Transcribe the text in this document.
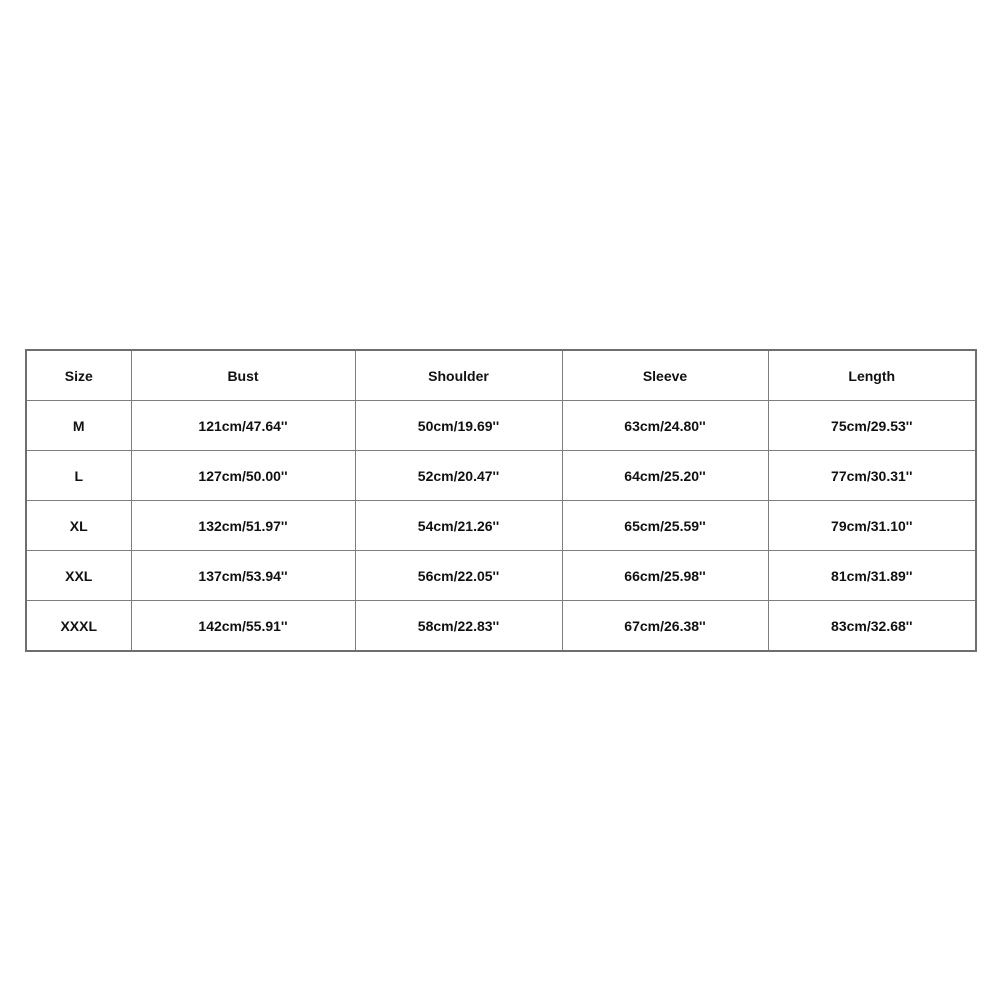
Size	Bust	Shoulder	Sleeve	Length
M	121cm/47.64''	50cm/19.69''	63cm/24.80''	75cm/29.53''
L	127cm/50.00''	52cm/20.47''	64cm/25.20''	77cm/30.31''
XL	132cm/51.97''	54cm/21.26''	65cm/25.59''	79cm/31.10''
XXL	137cm/53.94''	56cm/22.05''	66cm/25.98''	81cm/31.89''
XXXL	142cm/55.91''	58cm/22.83''	67cm/26.38''	83cm/32.68''
